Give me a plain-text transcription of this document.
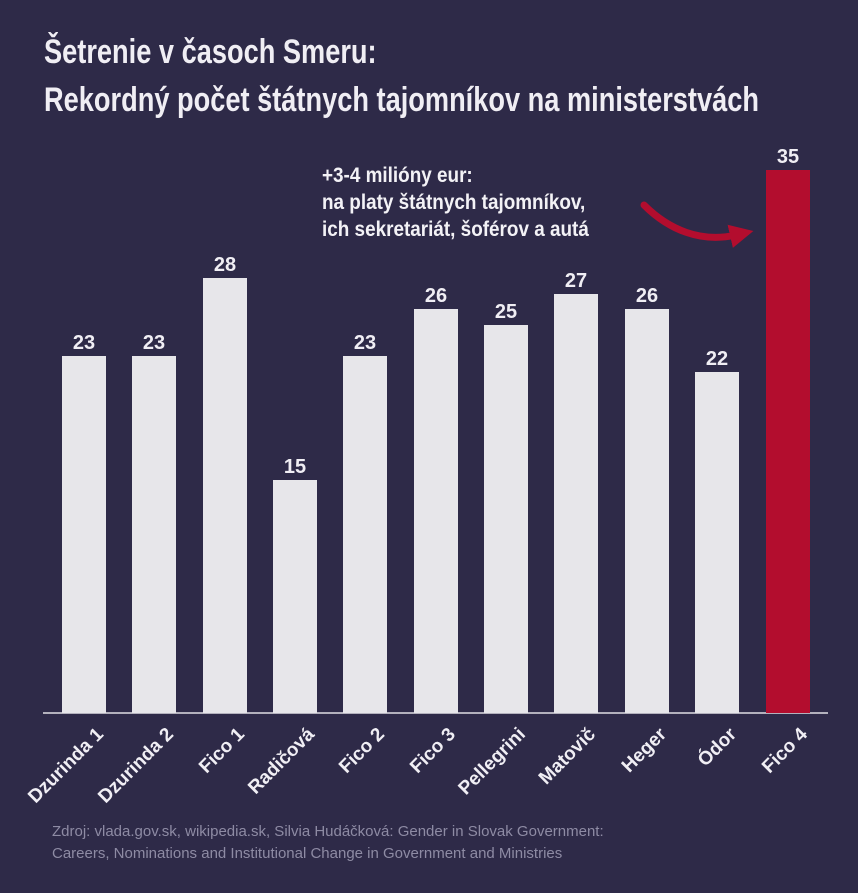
Šetrenie v časoch Smeru:
Rekordný počet štátnych tajomníkov na ministerstvách
+3-4 milióny eur:
na platy štátnych tajomníkov,
ich sekretariát, šoférov a autá
23
Dzurinda 1
23
Dzurinda 2
28
Fico 1
15
Radičová
23
Fico 2
26
Fico 3
25
Pellegrini
27
Matovič
26
Heger
22
Ódor
35
Fico 4
Zdroj: vlada.gov.sk, wikipedia.sk, Silvia Hudáčková: Gender in Slovak Government:
Careers, Nominations and Institutional Change in Government and Ministries
